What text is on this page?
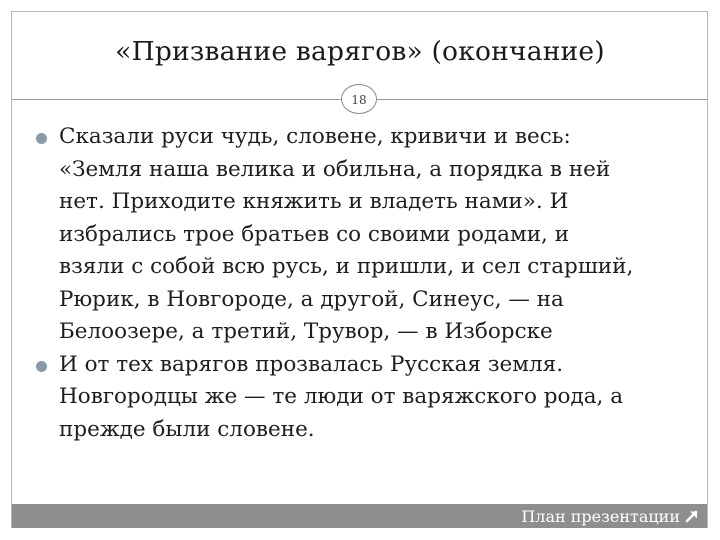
«Призвание варягов» (окончание)
18
Сказали руси чудь, словене, кривичи и весь:
«Земля наша велика и обильна, а порядка в ней
нет. Приходите княжить и владеть нами». И
избрались трое братьев со своими родами, и
взяли с собой всю русь, и пришли, и сел старший,
Рюрик, в Новгороде, а другой, Синеус, — на
Белоозере, а третий, Трувор, — в Изборске
И от тех варягов прозвалась Русская земля.
Новгородцы же — те люди от варяжского рода, а
прежде были словене.
План презентации
